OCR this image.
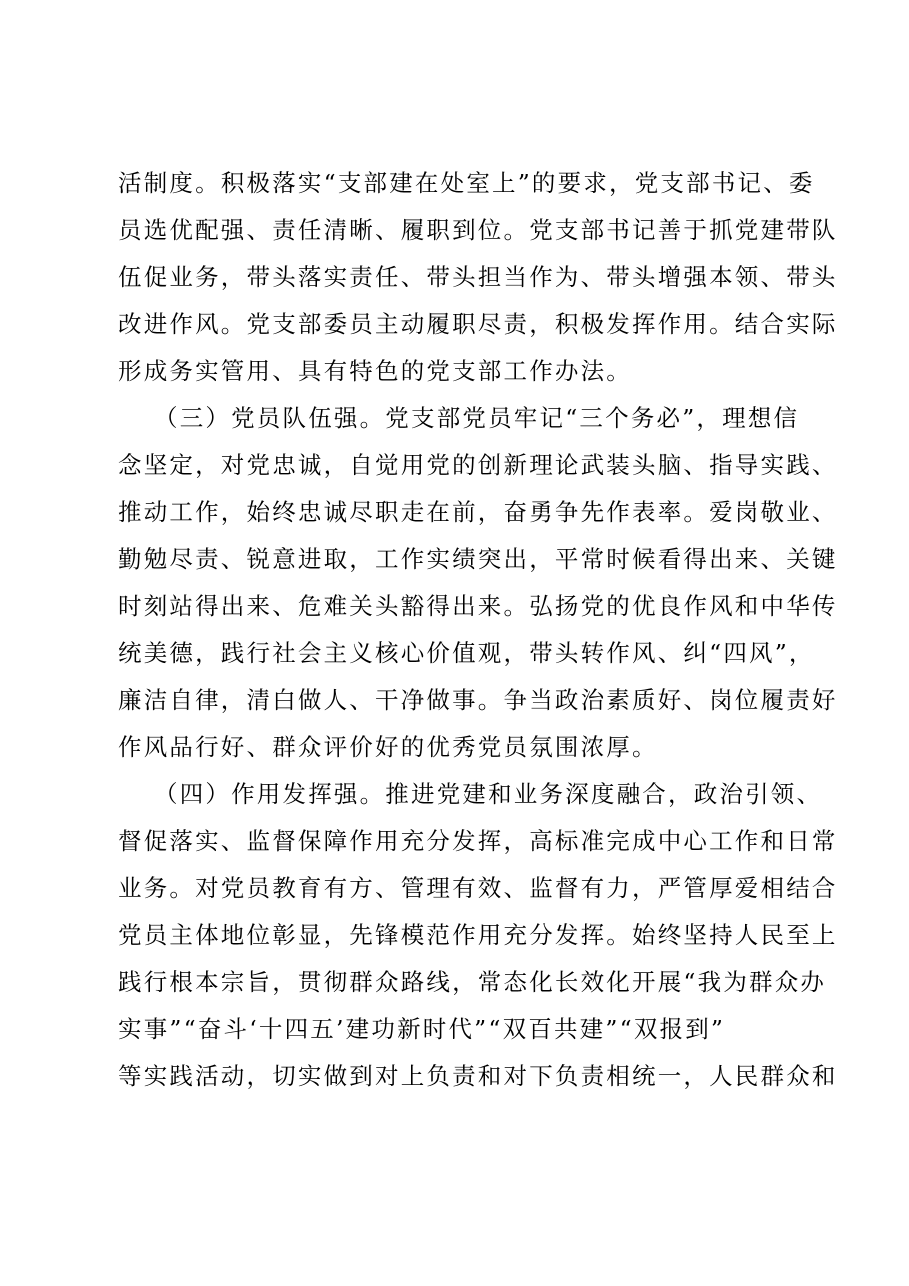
活制度。积极落实“支部建在处室上”的要求，党支部书记、委
员选优配强、责任清晰、履职到位。党支部书记善于抓党建带队
伍促业务，带头落实责任、带头担当作为、带头增强本领、带头
改进作风。党支部委员主动履职尽责，积极发挥作用。结合实际
形成务实管用、具有特色的党支部工作办法。
（三）党员队伍强。党支部党员牢记“三个务必”，理想信
念坚定，对党忠诚，自觉用党的创新理论武装头脑、指导实践、
推动工作，始终忠诚尽职走在前，奋勇争先作表率。爱岗敬业、
勤勉尽责、锐意进取，工作实绩突出，平常时候看得出来、关键
时刻站得出来、危难关头豁得出来。弘扬党的优良作风和中华传
统美德，践行社会主义核心价值观，带头转作风、纠“四风”，
廉洁自律，清白做人、干净做事。争当政治素质好、岗位履责好
作风品行好、群众评价好的优秀党员氛围浓厚。
（四）作用发挥强。推进党建和业务深度融合，政治引领、
督促落实、监督保障作用充分发挥，高标准完成中心工作和日常
业务。对党员教育有方、管理有效、监督有力，严管厚爱相结合
党员主体地位彰显，先锋模范作用充分发挥。始终坚持人民至上
践行根本宗旨，贯彻群众路线，常态化长效化开展“我为群众办
实事”“奋斗‘十四五’建功新时代”“双百共建”“双报到”
等实践活动，切实做到对上负责和对下负责相统一，人民群众和
